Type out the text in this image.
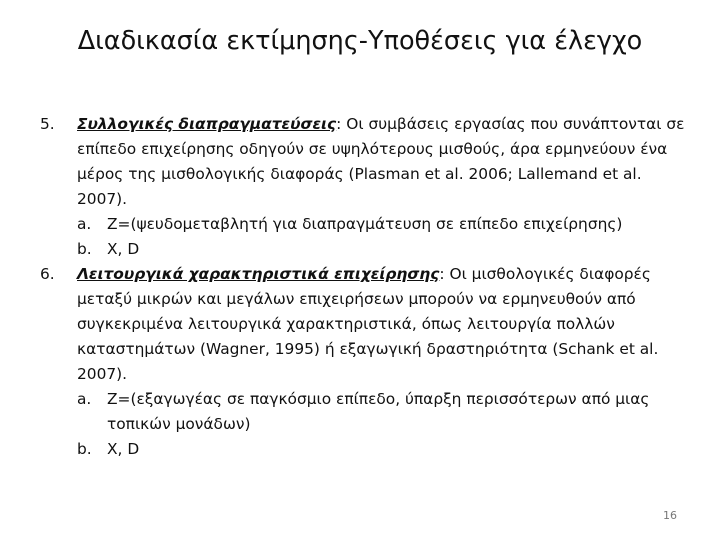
Διαδικασία εκτίμησης-Υποθέσεις για έλεγχο
5. Συλλογικές διαπραγματεύσεις: Οι συμβάσεις εργασίας που συνάπτονται σε επίπεδο επιχείρησης οδηγούν σε υψηλότερους μισθούς, άρα ερμηνεύουν ένα μέρος της μισθολογικής διαφοράς (Plasman et al. 2006; Lallemand et al. 2007).
a. Z=(ψευδομεταβλητή για διαπραγμάτευση σε επίπεδο επιχείρησης)
b. X, D
6. Λειτουργικά χαρακτηριστικά επιχείρησης: Οι μισθολογικές διαφορές μεταξύ μικρών και μεγάλων επιχειρήσεων μπορούν να ερμηνευθούν από συγκεκριμένα λειτουργικά χαρακτηριστικά, όπως λειτουργία πολλών καταστημάτων (Wagner, 1995) ή εξαγωγική δραστηριότητα (Schank et al. 2007).
a. Z=(εξαγωγέας σε παγκόσμιο επίπεδο, ύπαρξη περισσότερων από μιας τοπικών μονάδων)
b. X, D
16
